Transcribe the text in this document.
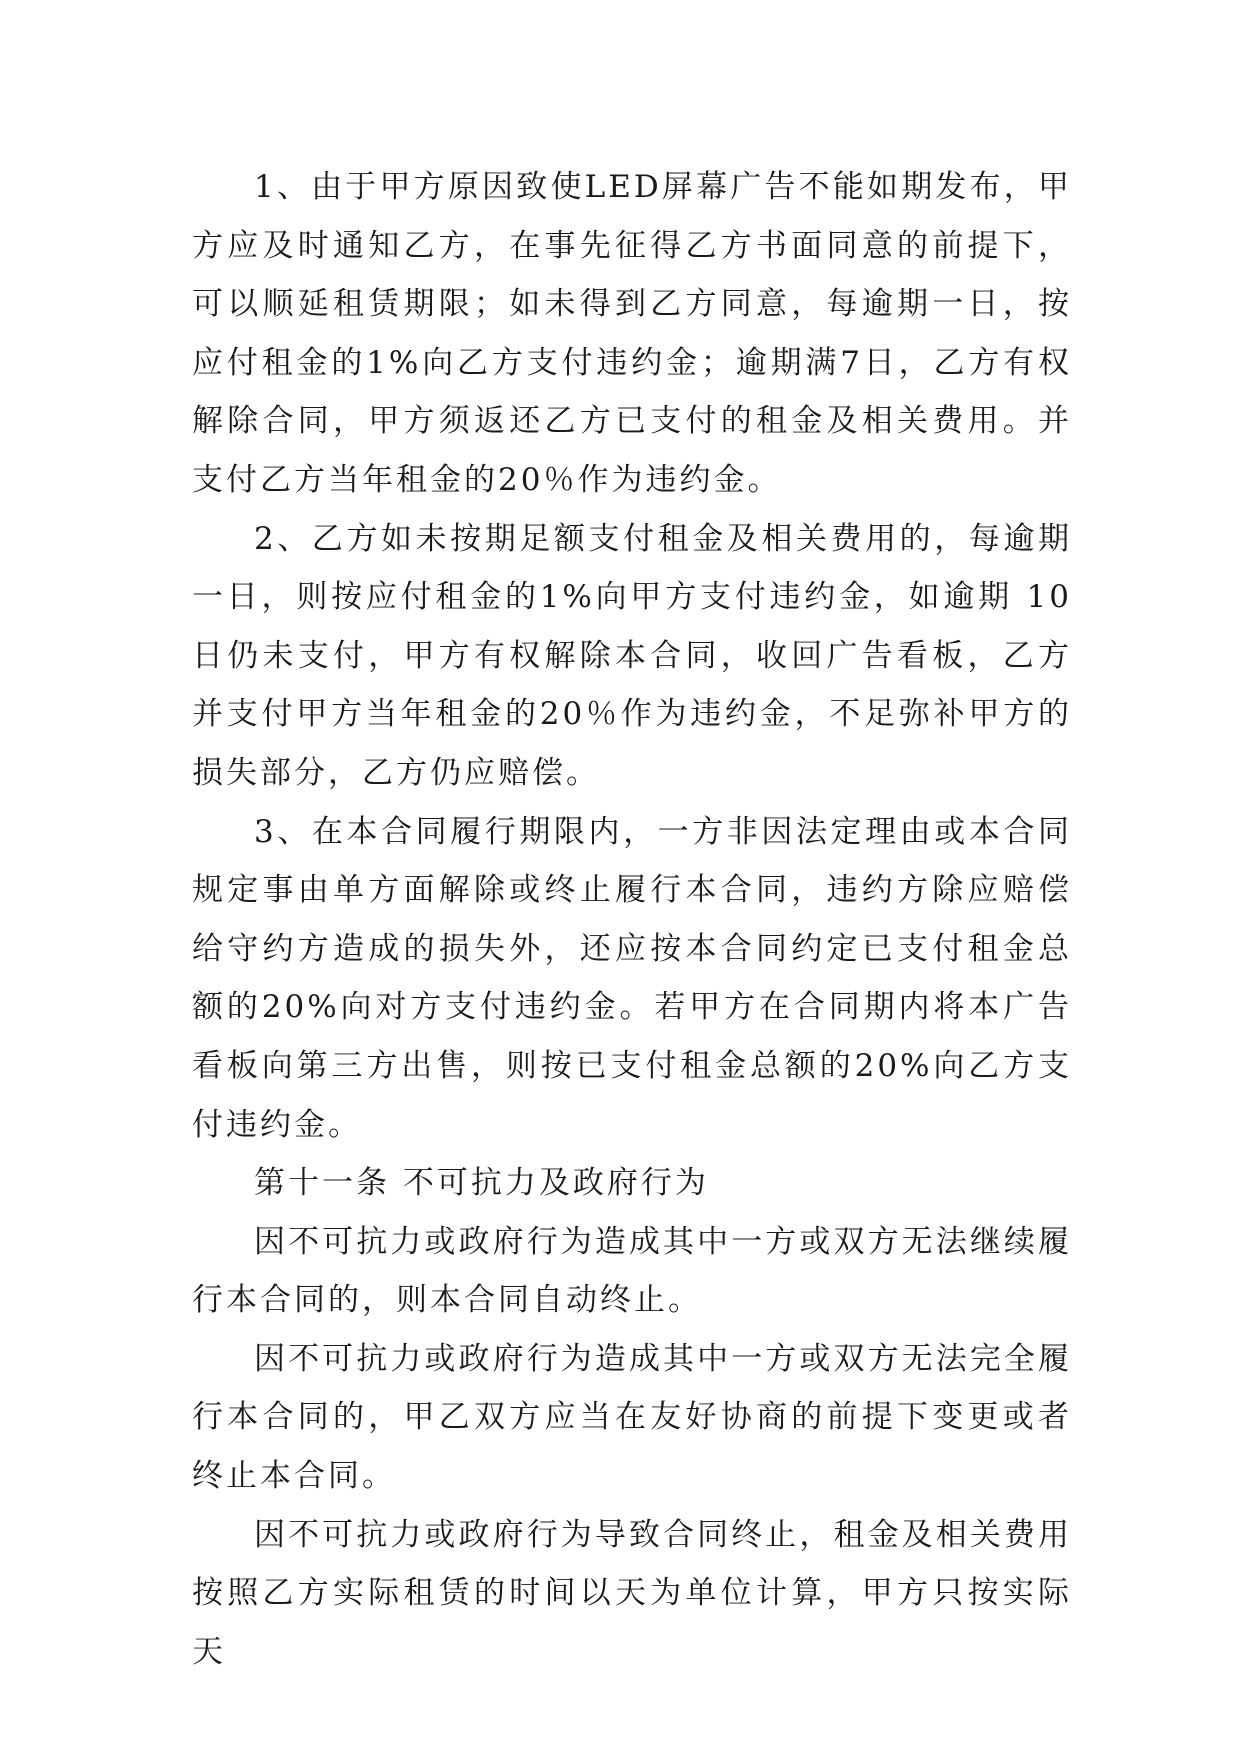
1、由于甲方原因致使LED屏幕广告不能如期发布，甲方应及时通知乙方，在事先征得乙方书面同意的前提下，可以顺延租赁期限；如未得到乙方同意，每逾期一日，按应付租金的1%向乙方支付违约金；逾期满7日，乙方有权解除合同，甲方须返还乙方已支付的租金及相关费用。并支付乙方当年租金的20％作为违约金。

2、乙方如未按期足额支付租金及相关费用的，每逾期一日，则按应付租金的1%向甲方支付违约金，如逾期 10日仍未支付，甲方有权解除本合同，收回广告看板，乙方并支付甲方当年租金的20％作为违约金，不足弥补甲方的损失部分，乙方仍应赔偿。

3、在本合同履行期限内，一方非因法定理由或本合同规定事由单方面解除或终止履行本合同，违约方除应赔偿给守约方造成的损失外，还应按本合同约定已支付租金总额的20%向对方支付违约金。若甲方在合同期内将本广告看板向第三方出售，则按已支付租金总额的20%向乙方支付违约金。

第十一条 不可抗力及政府行为

因不可抗力或政府行为造成其中一方或双方无法继续履行本合同的，则本合同自动终止。

因不可抗力或政府行为造成其中一方或双方无法完全履行本合同的，甲乙双方应当在友好协商的前提下变更或者终止本合同。

因不可抗力或政府行为导致合同终止，租金及相关费用按照乙方实际租赁的时间以天为单位计算，甲方只按实际天
